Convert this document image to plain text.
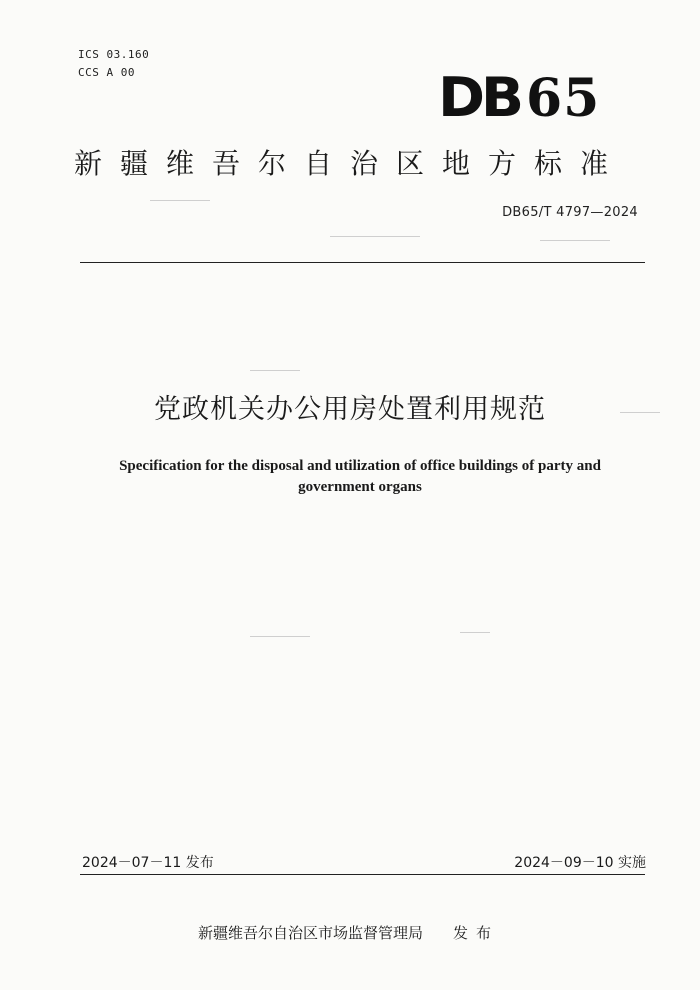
ICS 03.160
CCS A 00	DB 65
新疆维吾尔自治区地方标准
DB65/T 4797—2024
党政机关办公用房处置利用规范
Specification for the disposal and utilization of office buildings of party and government organs
2024－07－11 发布	2024－09－10 实施
新疆维吾尔自治区市场监督管理局 发布
